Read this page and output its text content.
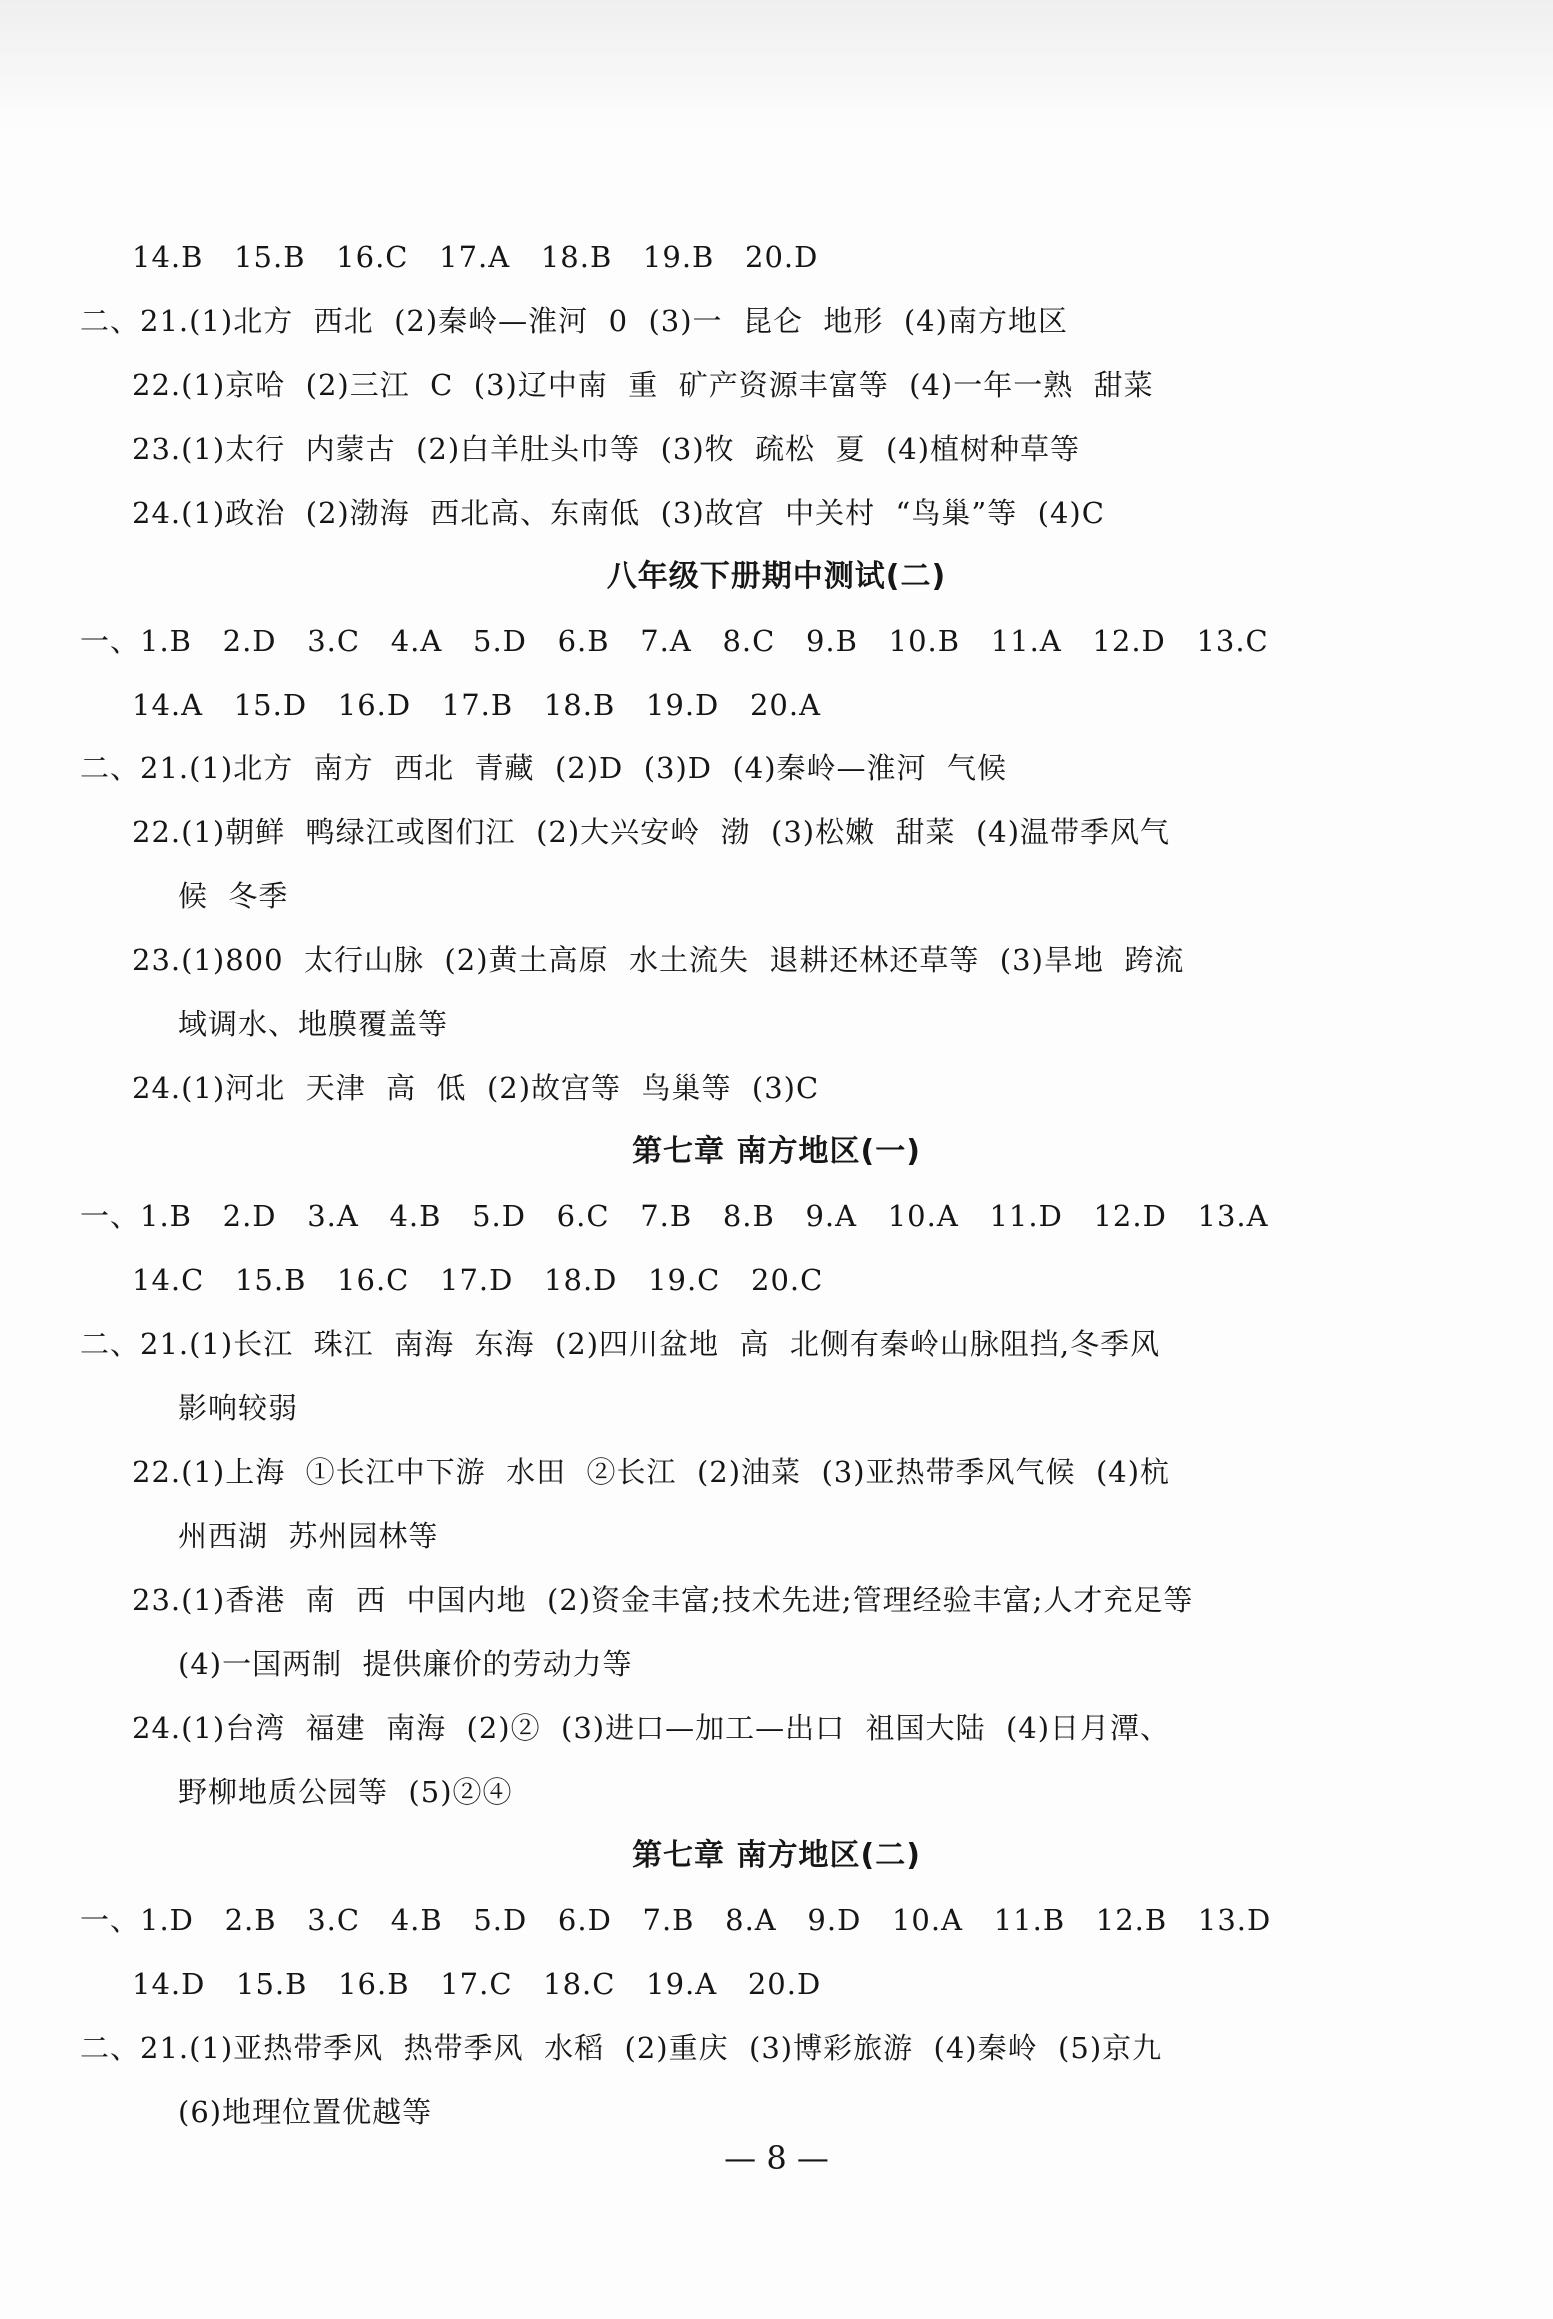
14.B   15.B   16.C   17.A   18.B   19.B   20.D
二、21.(1)北方  西北  (2)秦岭—淮河  0  (3)一  昆仑  地形  (4)南方地区
22.(1)京哈  (2)三江  C  (3)辽中南  重  矿产资源丰富等  (4)一年一熟  甜菜
23.(1)太行  内蒙古  (2)白羊肚头巾等  (3)牧  疏松  夏  (4)植树种草等
24.(1)政治  (2)渤海  西北高、东南低  (3)故宫  中关村  “鸟巢”等  (4)C
八年级下册期中测试(二)
一、1.B   2.D   3.C   4.A   5.D   6.B   7.A   8.C   9.B   10.B   11.A   12.D   13.C
14.A   15.D   16.D   17.B   18.B   19.D   20.A
二、21.(1)北方  南方  西北  青藏  (2)D  (3)D  (4)秦岭—淮河  气候
22.(1)朝鲜  鸭绿江或图们江  (2)大兴安岭  渤  (3)松嫩  甜菜  (4)温带季风气
候  冬季
23.(1)800  太行山脉  (2)黄土高原  水土流失  退耕还林还草等  (3)旱地  跨流
域调水、地膜覆盖等
24.(1)河北  天津  高  低  (2)故宫等  鸟巢等  (3)C
第七章 南方地区(一)
一、1.B   2.D   3.A   4.B   5.D   6.C   7.B   8.B   9.A   10.A   11.D   12.D   13.A
14.C   15.B   16.C   17.D   18.D   19.C   20.C
二、21.(1)长江  珠江  南海  东海  (2)四川盆地  高  北侧有秦岭山脉阻挡,冬季风
影响较弱
22.(1)上海  ①长江中下游  水田  ②长江  (2)油菜  (3)亚热带季风气候  (4)杭
州西湖  苏州园林等
23.(1)香港  南  西  中国内地  (2)资金丰富;技术先进;管理经验丰富;人才充足等
(4)一国两制  提供廉价的劳动力等
24.(1)台湾  福建  南海  (2)②  (3)进口—加工—出口  祖国大陆  (4)日月潭、
野柳地质公园等  (5)②④
第七章 南方地区(二)
一、1.D   2.B   3.C   4.B   5.D   6.D   7.B   8.A   9.D   10.A   11.B   12.B   13.D
14.D   15.B   16.B   17.C   18.C   19.A   20.D
二、21.(1)亚热带季风  热带季风  水稻  (2)重庆  (3)博彩旅游  (4)秦岭  (5)京九
(6)地理位置优越等
— 8 —
